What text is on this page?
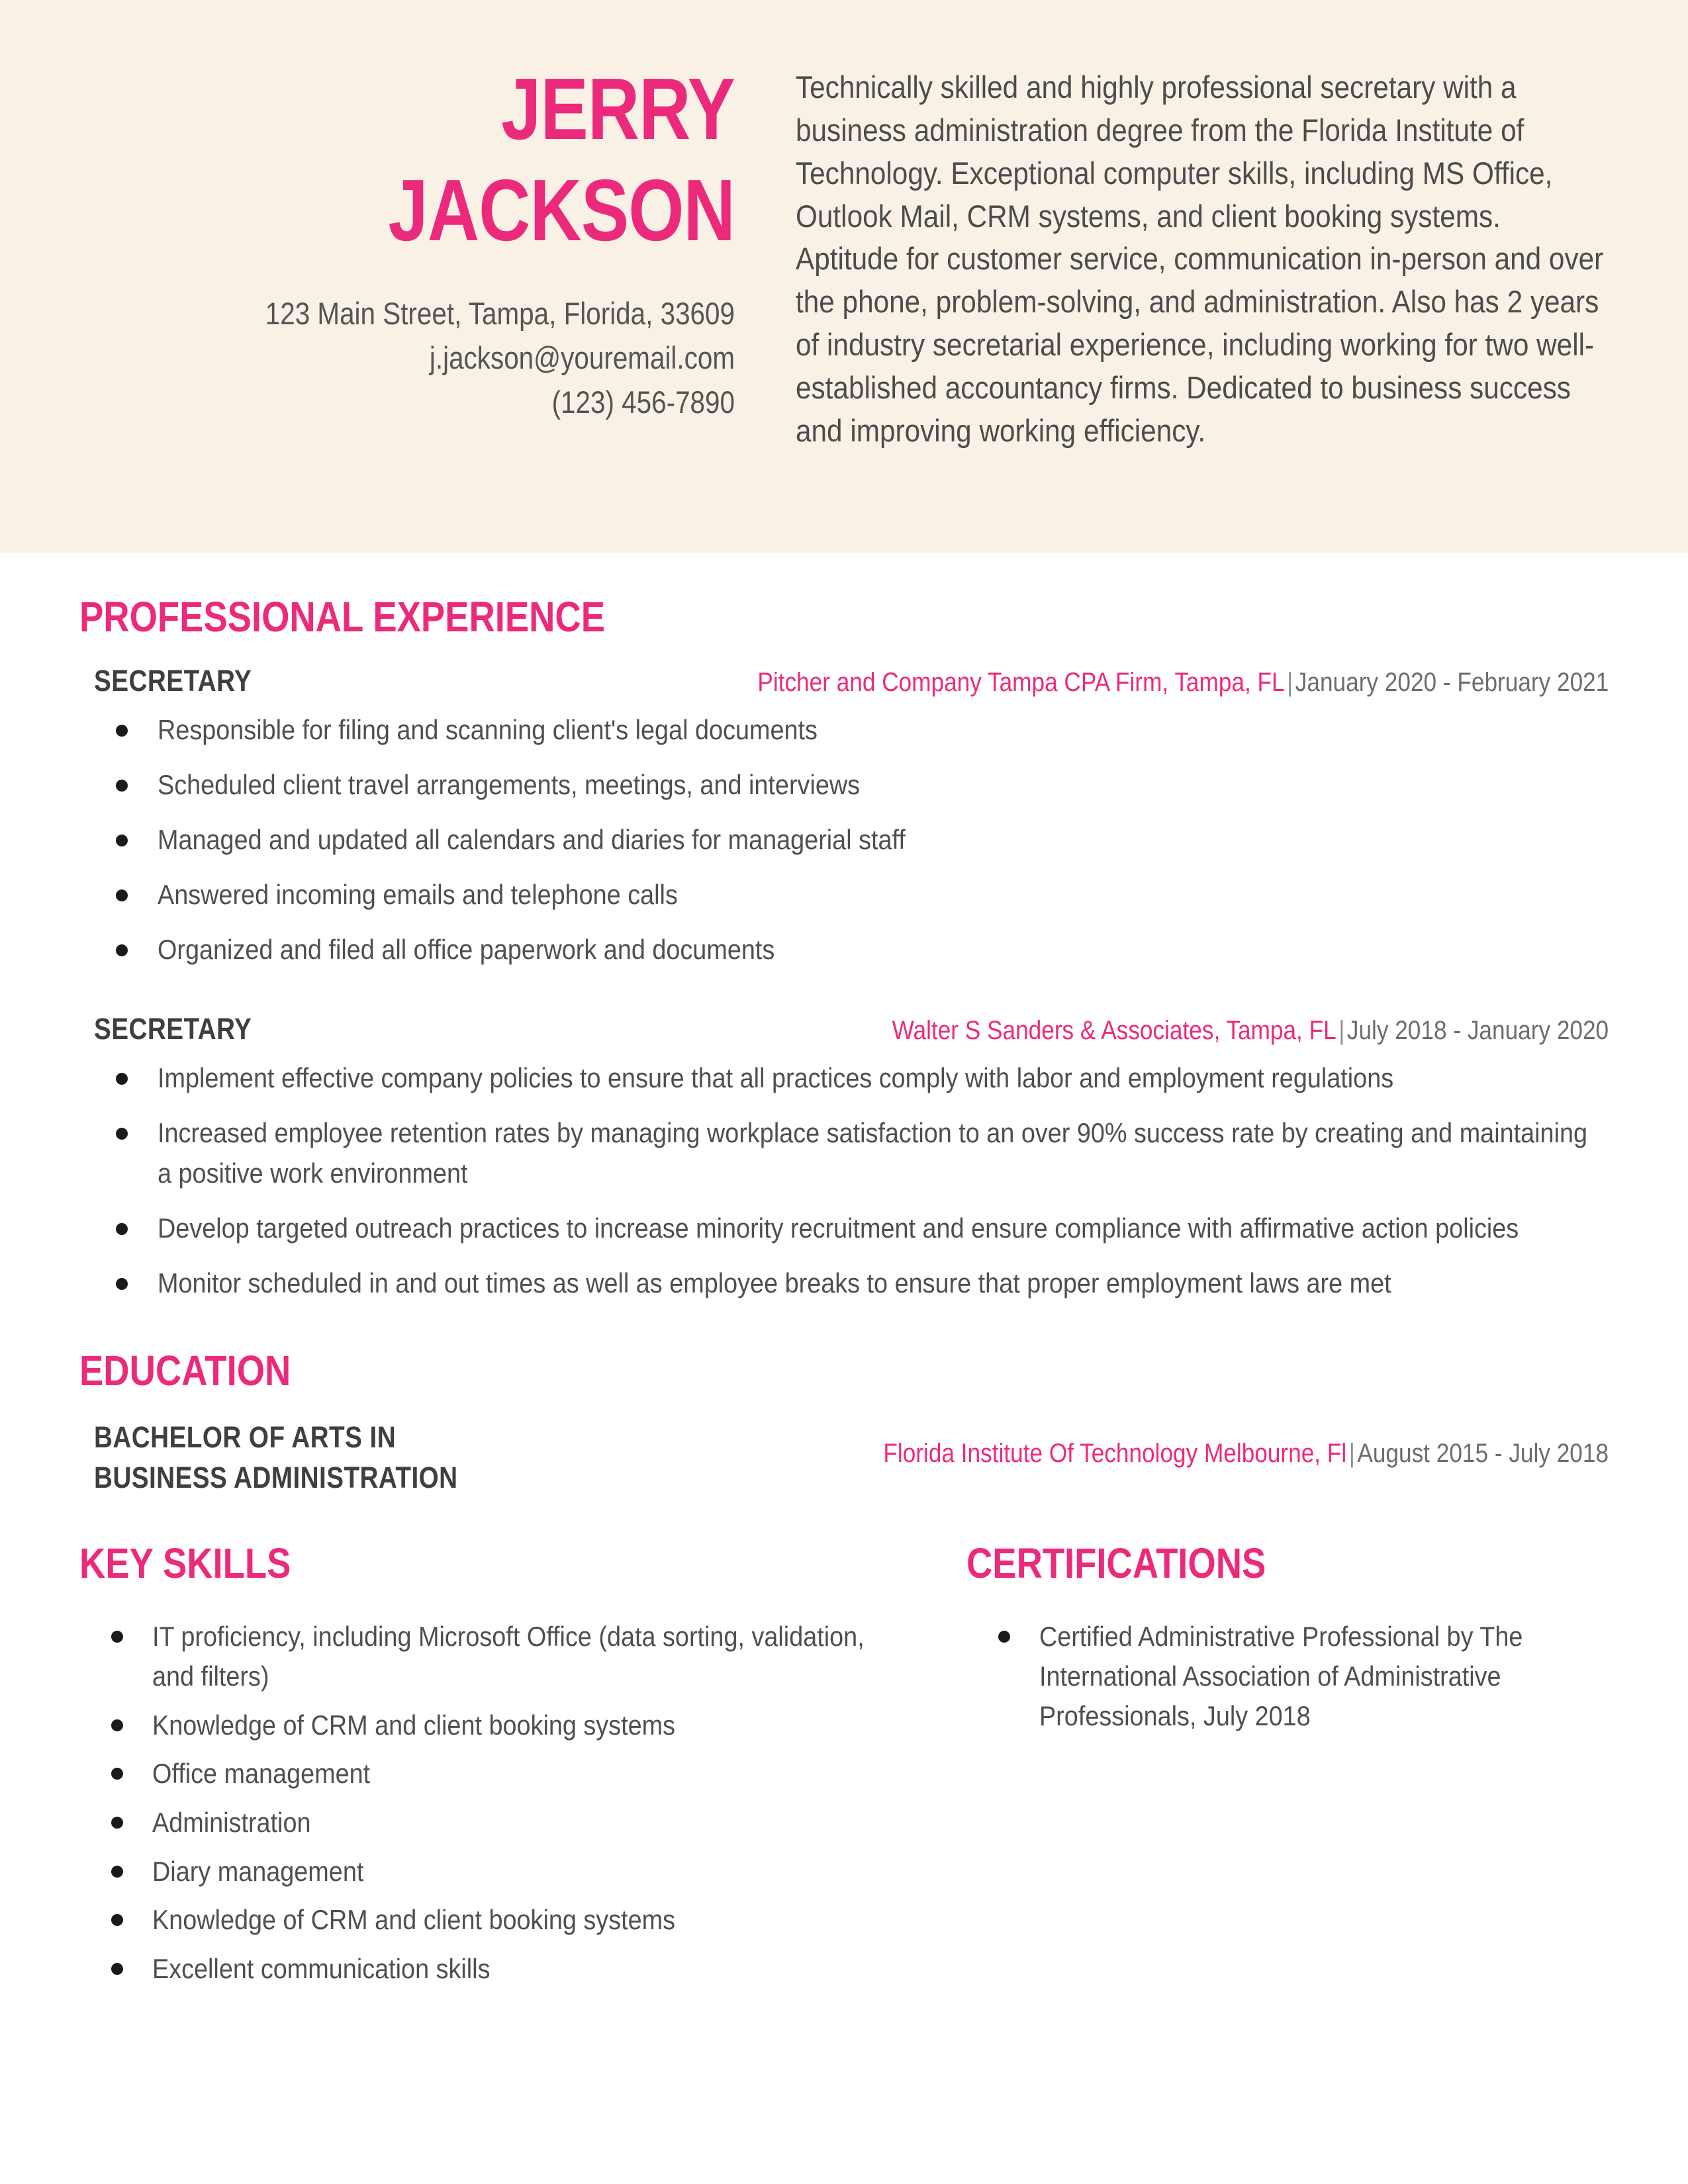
JERRY
JACKSON
123 Main Street, Tampa, Florida, 33609
j.jackson@youremail.com
(123) 456-7890
Technically skilled and highly professional secretary with a business administration degree from the Florida Institute of Technology. Exceptional computer skills, including MS Office, Outlook Mail, CRM systems, and client booking systems. Aptitude for customer service, communication in-person and over the phone, problem-solving, and administration. Also has 2 years of industry secretarial experience, including working for two well-established accountancy firms. Dedicated to business success and improving working efficiency.
PROFESSIONAL EXPERIENCE
SECRETARY	Pitcher and Company Tampa CPA Firm, Tampa, FL|January 2020 - February 2021
Responsible for filing and scanning client's legal documents
Scheduled client travel arrangements, meetings, and interviews
Managed and updated all calendars and diaries for managerial staff
Answered incoming emails and telephone calls
Organized and filed all office paperwork and documents
SECRETARY	Walter S Sanders & Associates, Tampa, FL|July 2018 - January 2020
Implement effective company policies to ensure that all practices comply with labor and employment regulations
Increased employee retention rates by managing workplace satisfaction to an over 90% success rate by creating and maintaining a positive work environment
Develop targeted outreach practices to increase minority recruitment and ensure compliance with affirmative action policies
Monitor scheduled in and out times as well as employee breaks to ensure that proper employment laws are met
EDUCATION
BACHELOR OF ARTS IN
BUSINESS ADMINISTRATION
Florida Institute Of Technology Melbourne, Fl|August 2015 - July 2018
KEY SKILLS
IT proficiency, including Microsoft Office (data sorting, validation, and filters)
Knowledge of CRM and client booking systems
Office management
Administration
Diary management
Knowledge of CRM and client booking systems
Excellent communication skills
CERTIFICATIONS
Certified Administrative Professional by The International Association of Administrative Professionals, July 2018
